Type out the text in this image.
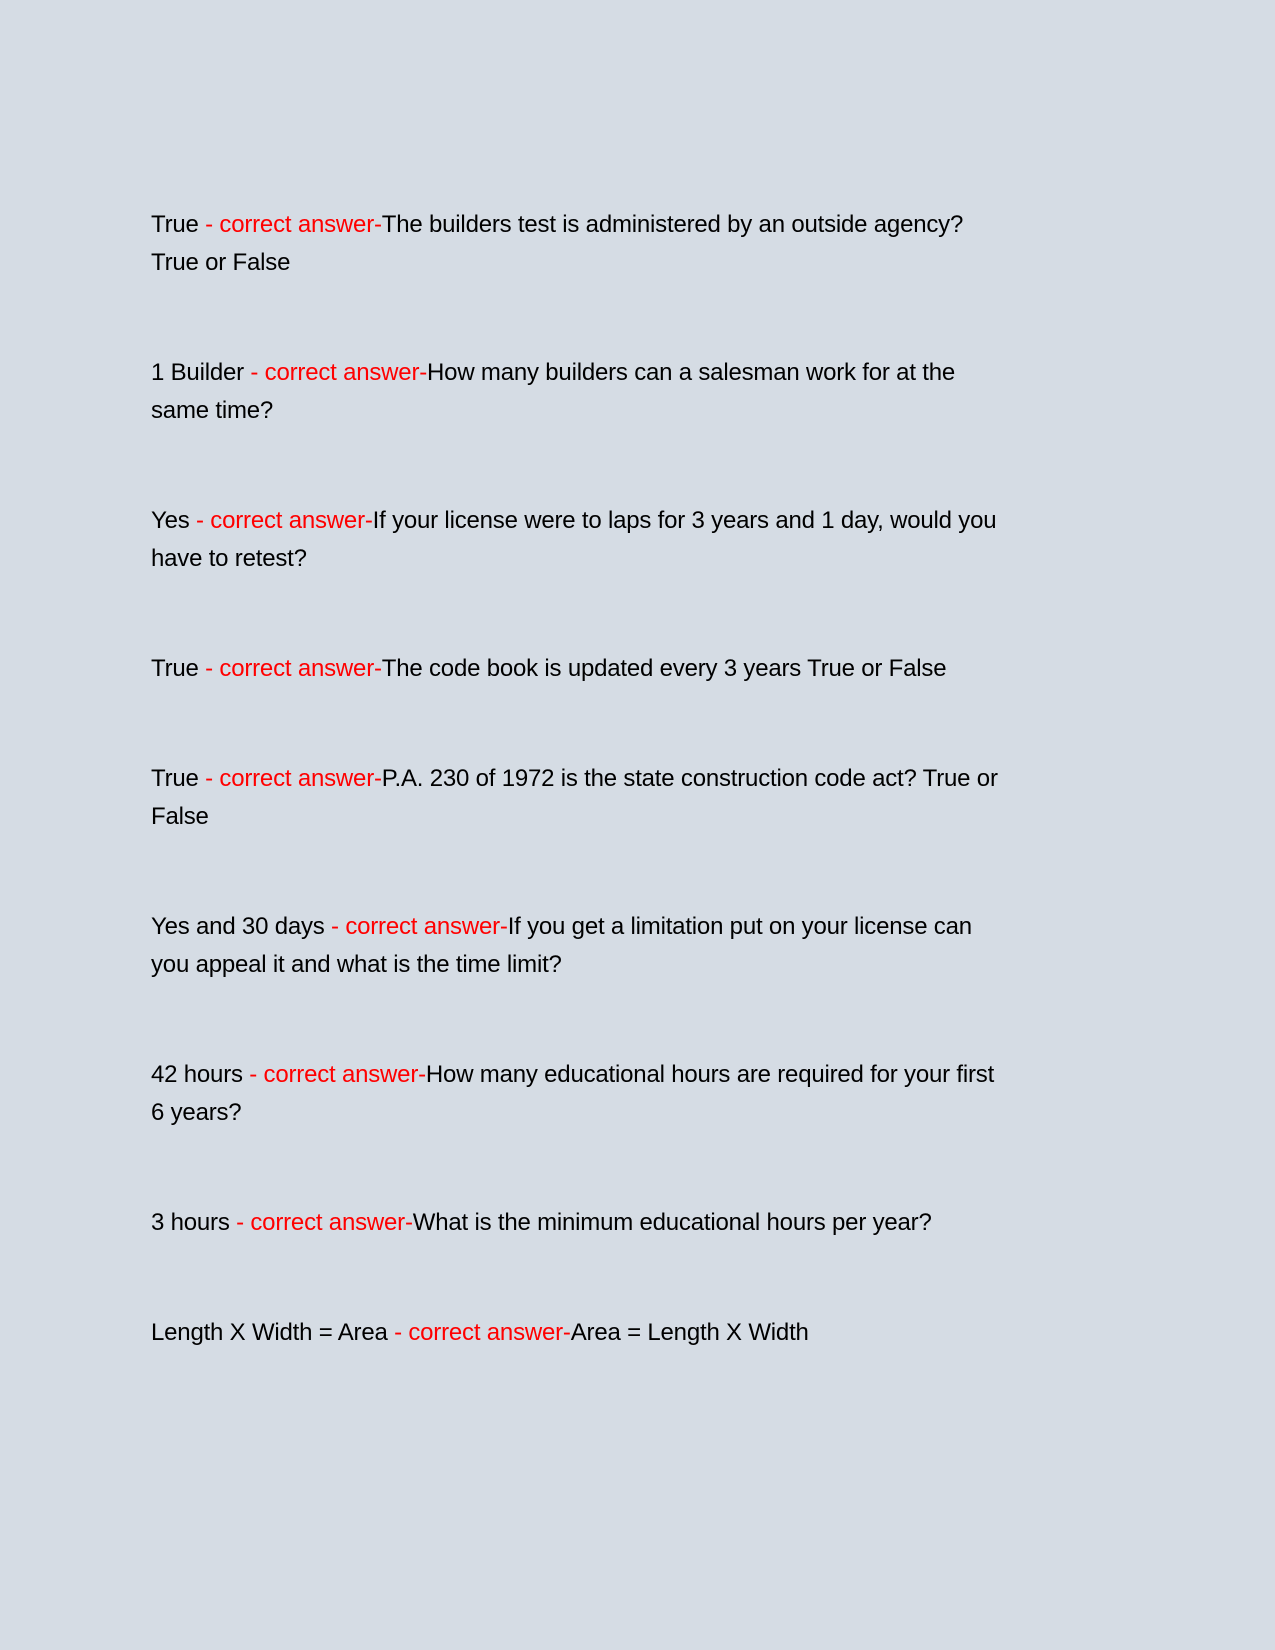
True - correct answer-The builders test is administered by an outside agency?
True or False

1 Builder - correct answer-How many builders can a salesman work for at the
same time?

Yes - correct answer-If your license were to laps for 3 years and 1 day, would you
have to retest?

True - correct answer-The code book is updated every 3 years True or False

True - correct answer-P.A. 230 of 1972 is the state construction code act? True or
False

Yes and 30 days - correct answer-If you get a limitation put on your license can
you appeal it and what is the time limit?

42 hours - correct answer-How many educational hours are required for your first
6 years?

3 hours - correct answer-What is the minimum educational hours per year?

Length X Width = Area - correct answer-Area = Length X Width
